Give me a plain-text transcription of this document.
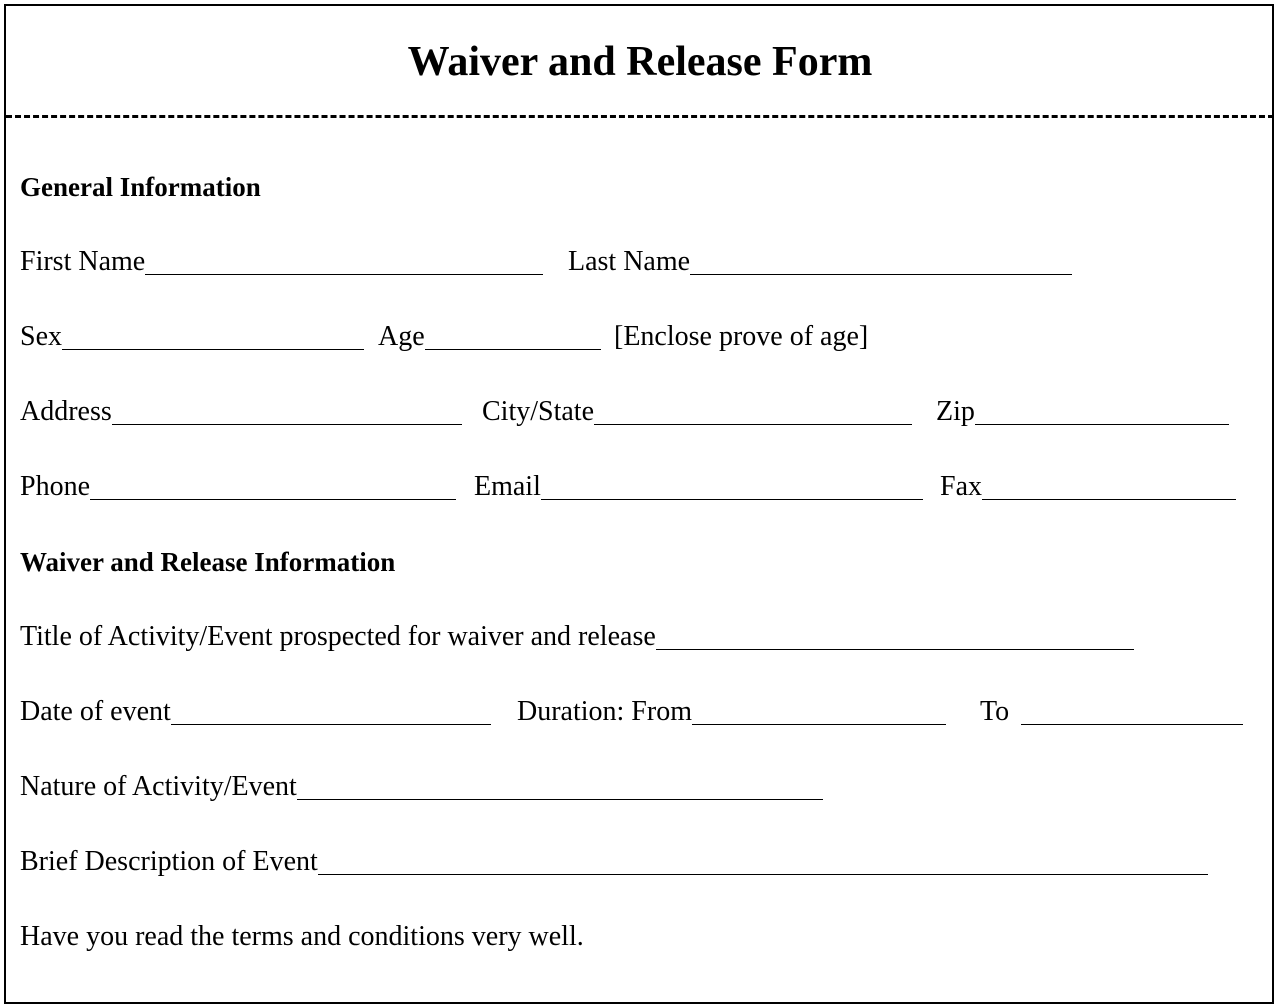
Waiver and Release Form
General Information
First Name	Last Name
Sex	Age	[Enclose prove of age]
Address	City/State	Zip
Phone	Email	Fax
Waiver and Release Information
Title of Activity/Event prospected for waiver and release
Date of event	Duration: From	To
Nature of Activity/Event
Brief Description of Event
Have you read the terms and conditions very well.
